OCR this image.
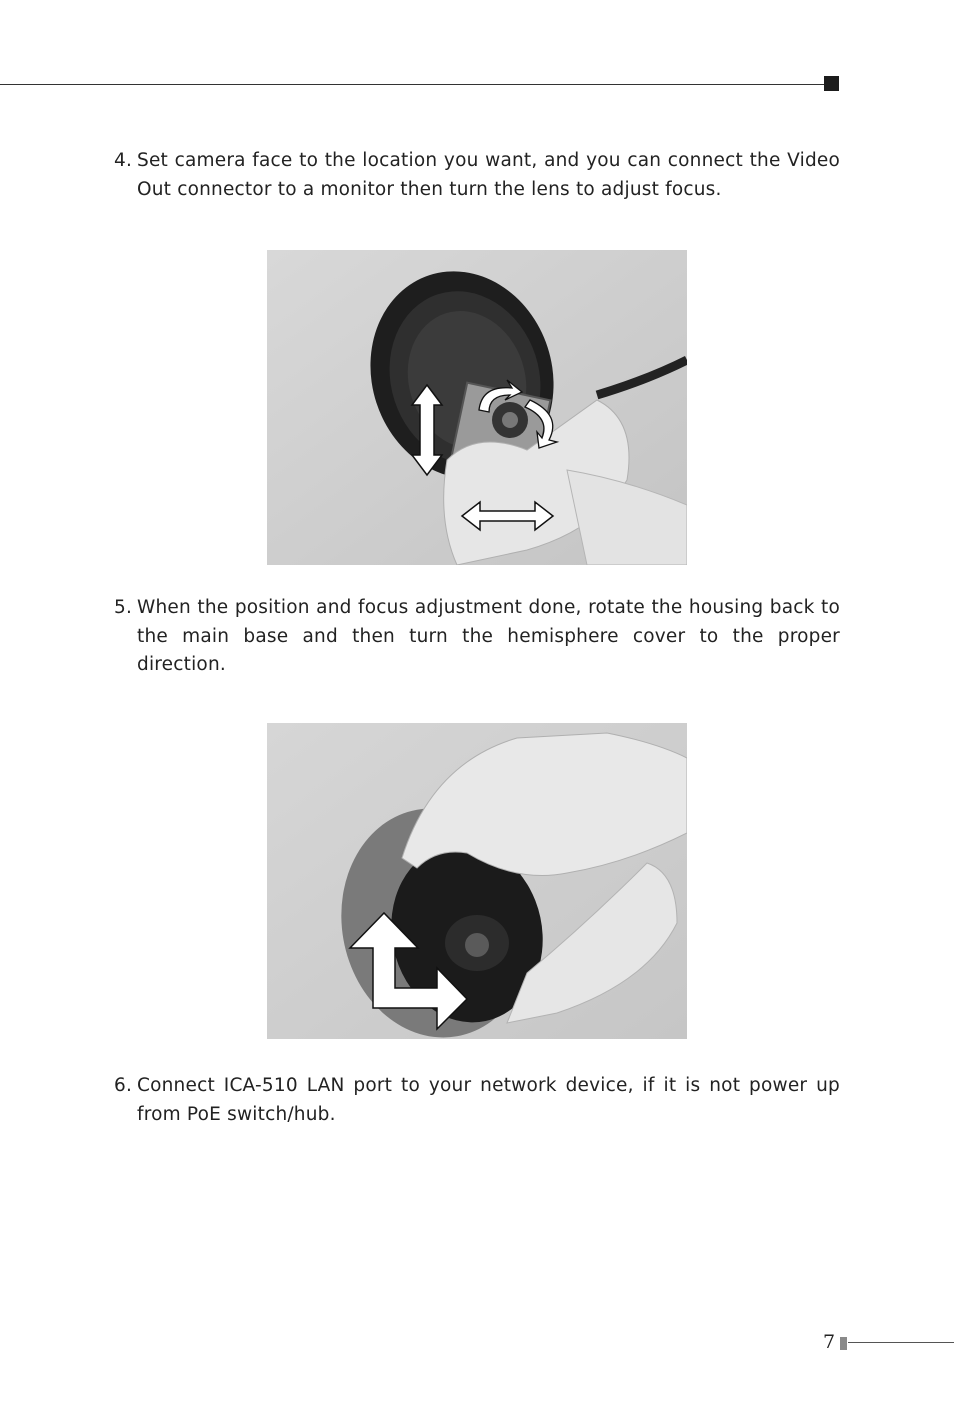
4. Set camera face to the location you want, and you can connect the Video Out connector to a monitor then turn the lens to adjust focus.
5. When the position and focus adjustment done, rotate the housing back to the main base and then turn the hemisphere cover to the proper direction.
6. Connect ICA-510 LAN port to your network device, if it is not power up from PoE switch/hub.
7
